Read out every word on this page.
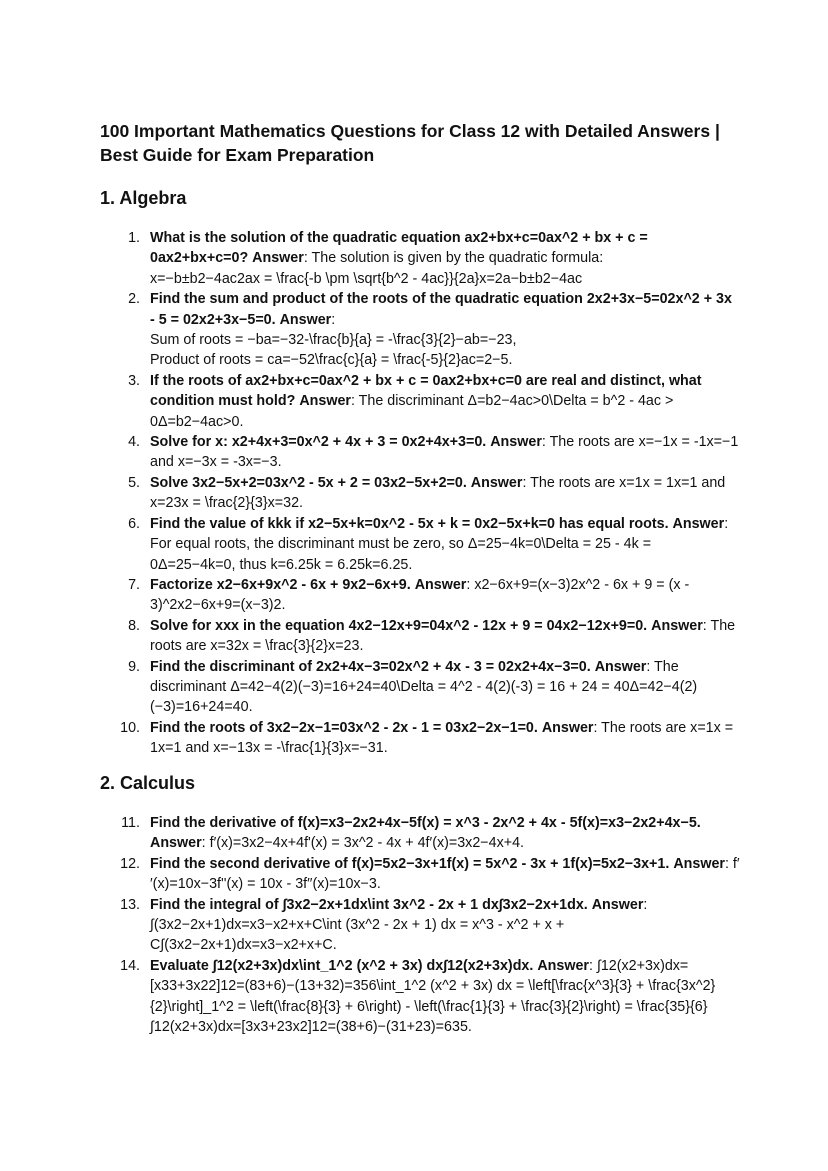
100 Important Mathematics Questions for Class 12 with Detailed Answers | Best Guide for Exam Preparation
1. Algebra
1. What is the solution of the quadratic equation ax2+bx+c=0ax^2 + bx + c = 0ax2+bx+c=0? Answer: The solution is given by the quadratic formula:
x=−b±b2−4ac2ax = \frac{-b \pm \sqrt{b^2 - 4ac}}{2a}x=2a−b±b2−4ac
2. Find the sum and product of the roots of the quadratic equation 2x2+3x−5=02x^2 + 3x - 5 = 02x2+3x−5=0. Answer:
Sum of roots = −ba=−32-\frac{b}{a} = -\frac{3}{2}−ab=−23,
Product of roots = ca=−52\frac{c}{a} = \frac{-5}{2}ac=2−5.
3. If the roots of ax2+bx+c=0ax^2 + bx + c = 0ax2+bx+c=0 are real and distinct, what condition must hold? Answer: The discriminant Δ=b2−4ac>0\Delta = b^2 - 4ac > 0Δ=b2−4ac>0.
4. Solve for x: x2+4x+3=0x^2 + 4x + 3 = 0x2+4x+3=0. Answer: The roots are x=−1x = -1x=−1 and x=−3x = -3x=−3.
5. Solve 3x2−5x+2=03x^2 - 5x + 2 = 03x2−5x+2=0. Answer: The roots are x=1x = 1x=1 and x=23x = \frac{2}{3}x=32.
6. Find the value of kkk if x2−5x+k=0x^2 - 5x + k = 0x2−5x+k=0 has equal roots. Answer: For equal roots, the discriminant must be zero, so Δ=25−4k=0\Delta = 25 - 4k = 0Δ=25−4k=0, thus k=6.25k = 6.25k=6.25.
7. Factorize x2−6x+9x^2 - 6x + 9x2−6x+9. Answer: x2−6x+9=(x−3)2x^2 - 6x + 9 = (x - 3)^2x2−6x+9=(x−3)2.
8. Solve for xxx in the equation 4x2−12x+9=04x^2 - 12x + 9 = 04x2−12x+9=0. Answer: The roots are x=32x = \frac{3}{2}x=23.
9. Find the discriminant of 2x2+4x−3=02x^2 + 4x - 3 = 02x2+4x−3=0. Answer: The discriminant Δ=42−4(2)(−3)=16+24=40\Delta = 4^2 - 4(2)(-3) = 16 + 24 = 40Δ=42−4(2)(−3)=16+24=40.
10. Find the roots of 3x2−2x−1=03x^2 - 2x - 1 = 03x2−2x−1=0. Answer: The roots are x=1x = 1x=1 and x=−13x = -\frac{1}{3}x=−31.
2. Calculus
11. Find the derivative of f(x)=x3−2x2+4x−5f(x) = x^3 - 2x^2 + 4x - 5f(x)=x3−2x2+4x−5. Answer: f′(x)=3x2−4x+4f'(x) = 3x^2 - 4x + 4f′(x)=3x2−4x+4.
12. Find the second derivative of f(x)=5x2−3x+1f(x) = 5x^2 - 3x + 1f(x)=5x2−3x+1. Answer: f′′(x)=10x−3f''(x) = 10x - 3f′′(x)=10x−3.
13. Find the integral of ∫3x2−2x+1dx\int 3x^2 - 2x + 1 dx∫3x2−2x+1dx. Answer: ∫(3x2−2x+1)dx=x3−x2+x+C\int (3x^2 - 2x + 1) dx = x^3 - x^2 + x + C∫(3x2−2x+1)dx=x3−x2+x+C.
14. Evaluate ∫12(x2+3x)dx\int_1^2 (x^2 + 3x) dx∫12(x2+3x)dx. Answer: ∫12(x2+3x)dx=[x33+3x22]12=(83+6)−(13+32)=356\int_1^2 (x^2 + 3x) dx = \left[\frac{x^3}{3} + \frac{3x^2}{2}\right]_1^2 = \left(\frac{8}{3} + 6\right) - \left(\frac{1}{3} + \frac{3}{2}\right) = \frac{35}{6}∫12(x2+3x)dx=[3x3+23x2]12=(38+6)−(31+23)=635.
